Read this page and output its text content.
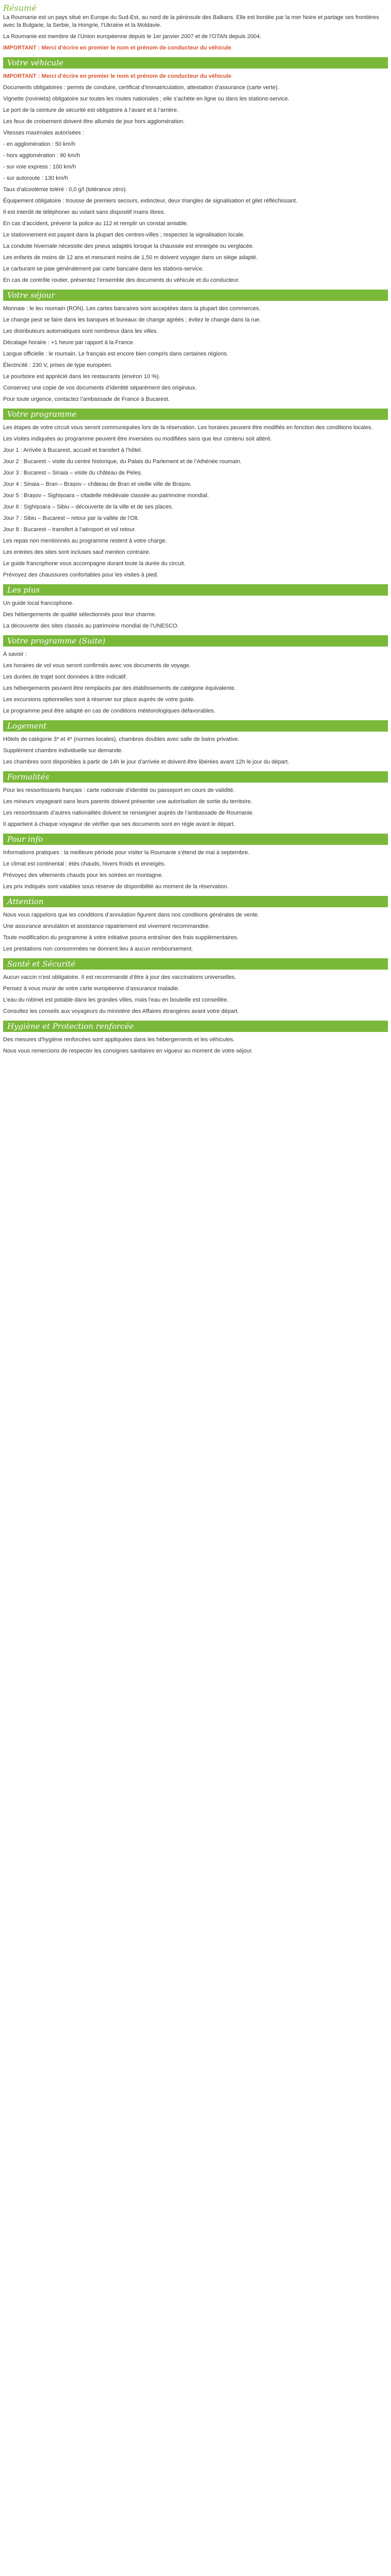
Résumé

La Roumanie est un pays situé en Europe du Sud-Est, au nord de la péninsule des Balkans. Elle est bordée par la mer Noire et partage ses frontières avec la Bulgarie, la Serbie, la Hongrie, l’Ukraine et la Moldavie.

La Roumanie est membre de l’Union européenne depuis le 1er janvier 2007 et de l’OTAN depuis 2004.

IMPORTANT : Merci d’écrire en premier le nom et prénom de conducteur du véhicule

Votre véhicule

IMPORTANT : Merci d’écrire en premier le nom et prénom de conducteur du véhicule

Documents obligatoires : permis de conduire, certificat d’immatriculation, attestation d’assurance (carte verte).

Vignette (rovinieta) obligatoire sur toutes les routes nationales ; elle s’achète en ligne ou dans les stations-service.

Le port de la ceinture de sécurité est obligatoire à l’avant et à l’arrière.

Les feux de croisement doivent être allumés de jour hors agglomération.

Vitesses maximales autorisées :

- en agglomération : 50 km/h

- hors agglomération : 90 km/h

- sur voie express : 100 km/h

- sur autoroute : 130 km/h

Taux d’alcoolémie toléré : 0,0 g/l (tolérance zéro).

Équipement obligatoire : trousse de premiers secours, extincteur, deux triangles de signalisation et gilet réfléchissant.

Il est interdit de téléphoner au volant sans dispositif mains libres.

En cas d’accident, prévenir la police au 112 et remplir un constat amiable.

Le stationnement est payant dans la plupart des centres-villes ; respectez la signalisation locale.

La conduite hivernale nécessite des pneus adaptés lorsque la chaussée est enneigée ou verglacée.

Les enfants de moins de 12 ans et mesurant moins de 1,50 m doivent voyager dans un siège adapté.

Le carburant se paie généralement par carte bancaire dans les stations-service.

En cas de contrôle routier, présentez l’ensemble des documents du véhicule et du conducteur.

Votre séjour

Monnaie : le leu roumain (RON). Les cartes bancaires sont acceptées dans la plupart des commerces.

Le change peut se faire dans les banques et bureaux de change agréés ; évitez le change dans la rue.

Les distributeurs automatiques sont nombreux dans les villes.

Décalage horaire : +1 heure par rapport à la France.

Langue officielle : le roumain. Le français est encore bien compris dans certaines régions.

Électricité : 230 V, prises de type européen.

Le pourboire est apprécié dans les restaurants (environ 10 %).

Conservez une copie de vos documents d’identité séparément des originaux.

Pour toute urgence, contactez l’ambassade de France à Bucarest.

Votre programme

Les étapes de votre circuit vous seront communiquées lors de la réservation. Les horaires peuvent être modifiés en fonction des conditions locales.

Les visites indiquées au programme peuvent être inversées ou modifiées sans que leur contenu soit altéré.

Jour 1 : Arrivée à Bucarest, accueil et transfert à l’hôtel.

Jour 2 : Bucarest – visite du centre historique, du Palais du Parlement et de l’Athénée roumain.

Jour 3 : Bucarest – Sinaia – visite du château de Peleș.

Jour 4 : Sinaia – Bran – Brașov – château de Bran et vieille ville de Brașov.

Jour 5 : Brașov – Sighișoara – citadelle médiévale classée au patrimoine mondial.

Jour 6 : Sighișoara – Sibiu – découverte de la ville et de ses places.

Jour 7 : Sibiu – Bucarest – retour par la vallée de l’Olt.

Jour 8 : Bucarest – transfert à l’aéroport et vol retour.

Les repas non mentionnés au programme restent à votre charge.

Les entrées des sites sont incluses sauf mention contraire.

Le guide francophone vous accompagne durant toute la durée du circuit.

Prévoyez des chaussures confortables pour les visites à pied.

Les plus

Un guide local francophone.

Des hébergements de qualité sélectionnés pour leur charme.

La découverte des sites classés au patrimoine mondial de l’UNESCO.

Votre programme (Suite)

À savoir :

Les horaires de vol vous seront confirmés avec vos documents de voyage.

Les durées de trajet sont données à titre indicatif.

Les hébergements peuvent être remplacés par des établissements de catégorie équivalente.

Les excursions optionnelles sont à réserver sur place auprès de votre guide.

Le programme peut être adapté en cas de conditions météorologiques défavorables.

Logement

Hôtels de catégorie 3* et 4* (normes locales), chambres doubles avec salle de bains privative.

Supplément chambre individuelle sur demande.

Les chambres sont disponibles à partir de 14h le jour d’arrivée et doivent être libérées avant 12h le jour du départ.

Formalités

Pour les ressortissants français : carte nationale d’identité ou passeport en cours de validité.

Les mineurs voyageant sans leurs parents doivent présenter une autorisation de sortie du territoire.

Les ressortissants d’autres nationalités doivent se renseigner auprès de l’ambassade de Roumanie.

Il appartient à chaque voyageur de vérifier que ses documents sont en règle avant le départ.

Pour info

Informations pratiques : la meilleure période pour visiter la Roumanie s’étend de mai à septembre.

Le climat est continental : étés chauds, hivers froids et enneigés.

Prévoyez des vêtements chauds pour les soirées en montagne.

Les prix indiqués sont valables sous réserve de disponibilité au moment de la réservation.

Attention

Nous vous rappelons que les conditions d’annulation figurent dans nos conditions générales de vente.

Une assurance annulation et assistance rapatriement est vivement recommandée.

Toute modification du programme à votre initiative pourra entraîner des frais supplémentaires.

Les prestations non consommées ne donnent lieu à aucun remboursement.

Santé et Sécurité

Aucun vaccin n’est obligatoire. Il est recommandé d’être à jour des vaccinations universelles.

Pensez à vous munir de votre carte européenne d’assurance maladie.

L’eau du robinet est potable dans les grandes villes, mais l’eau en bouteille est conseillée.

Consultez les conseils aux voyageurs du ministère des Affaires étrangères avant votre départ.

Hygiène et Protection renforcée

Des mesures d’hygiène renforcées sont appliquées dans les hébergements et les véhicules.

Nous vous remercions de respecter les consignes sanitaires en vigueur au moment de votre séjour.
